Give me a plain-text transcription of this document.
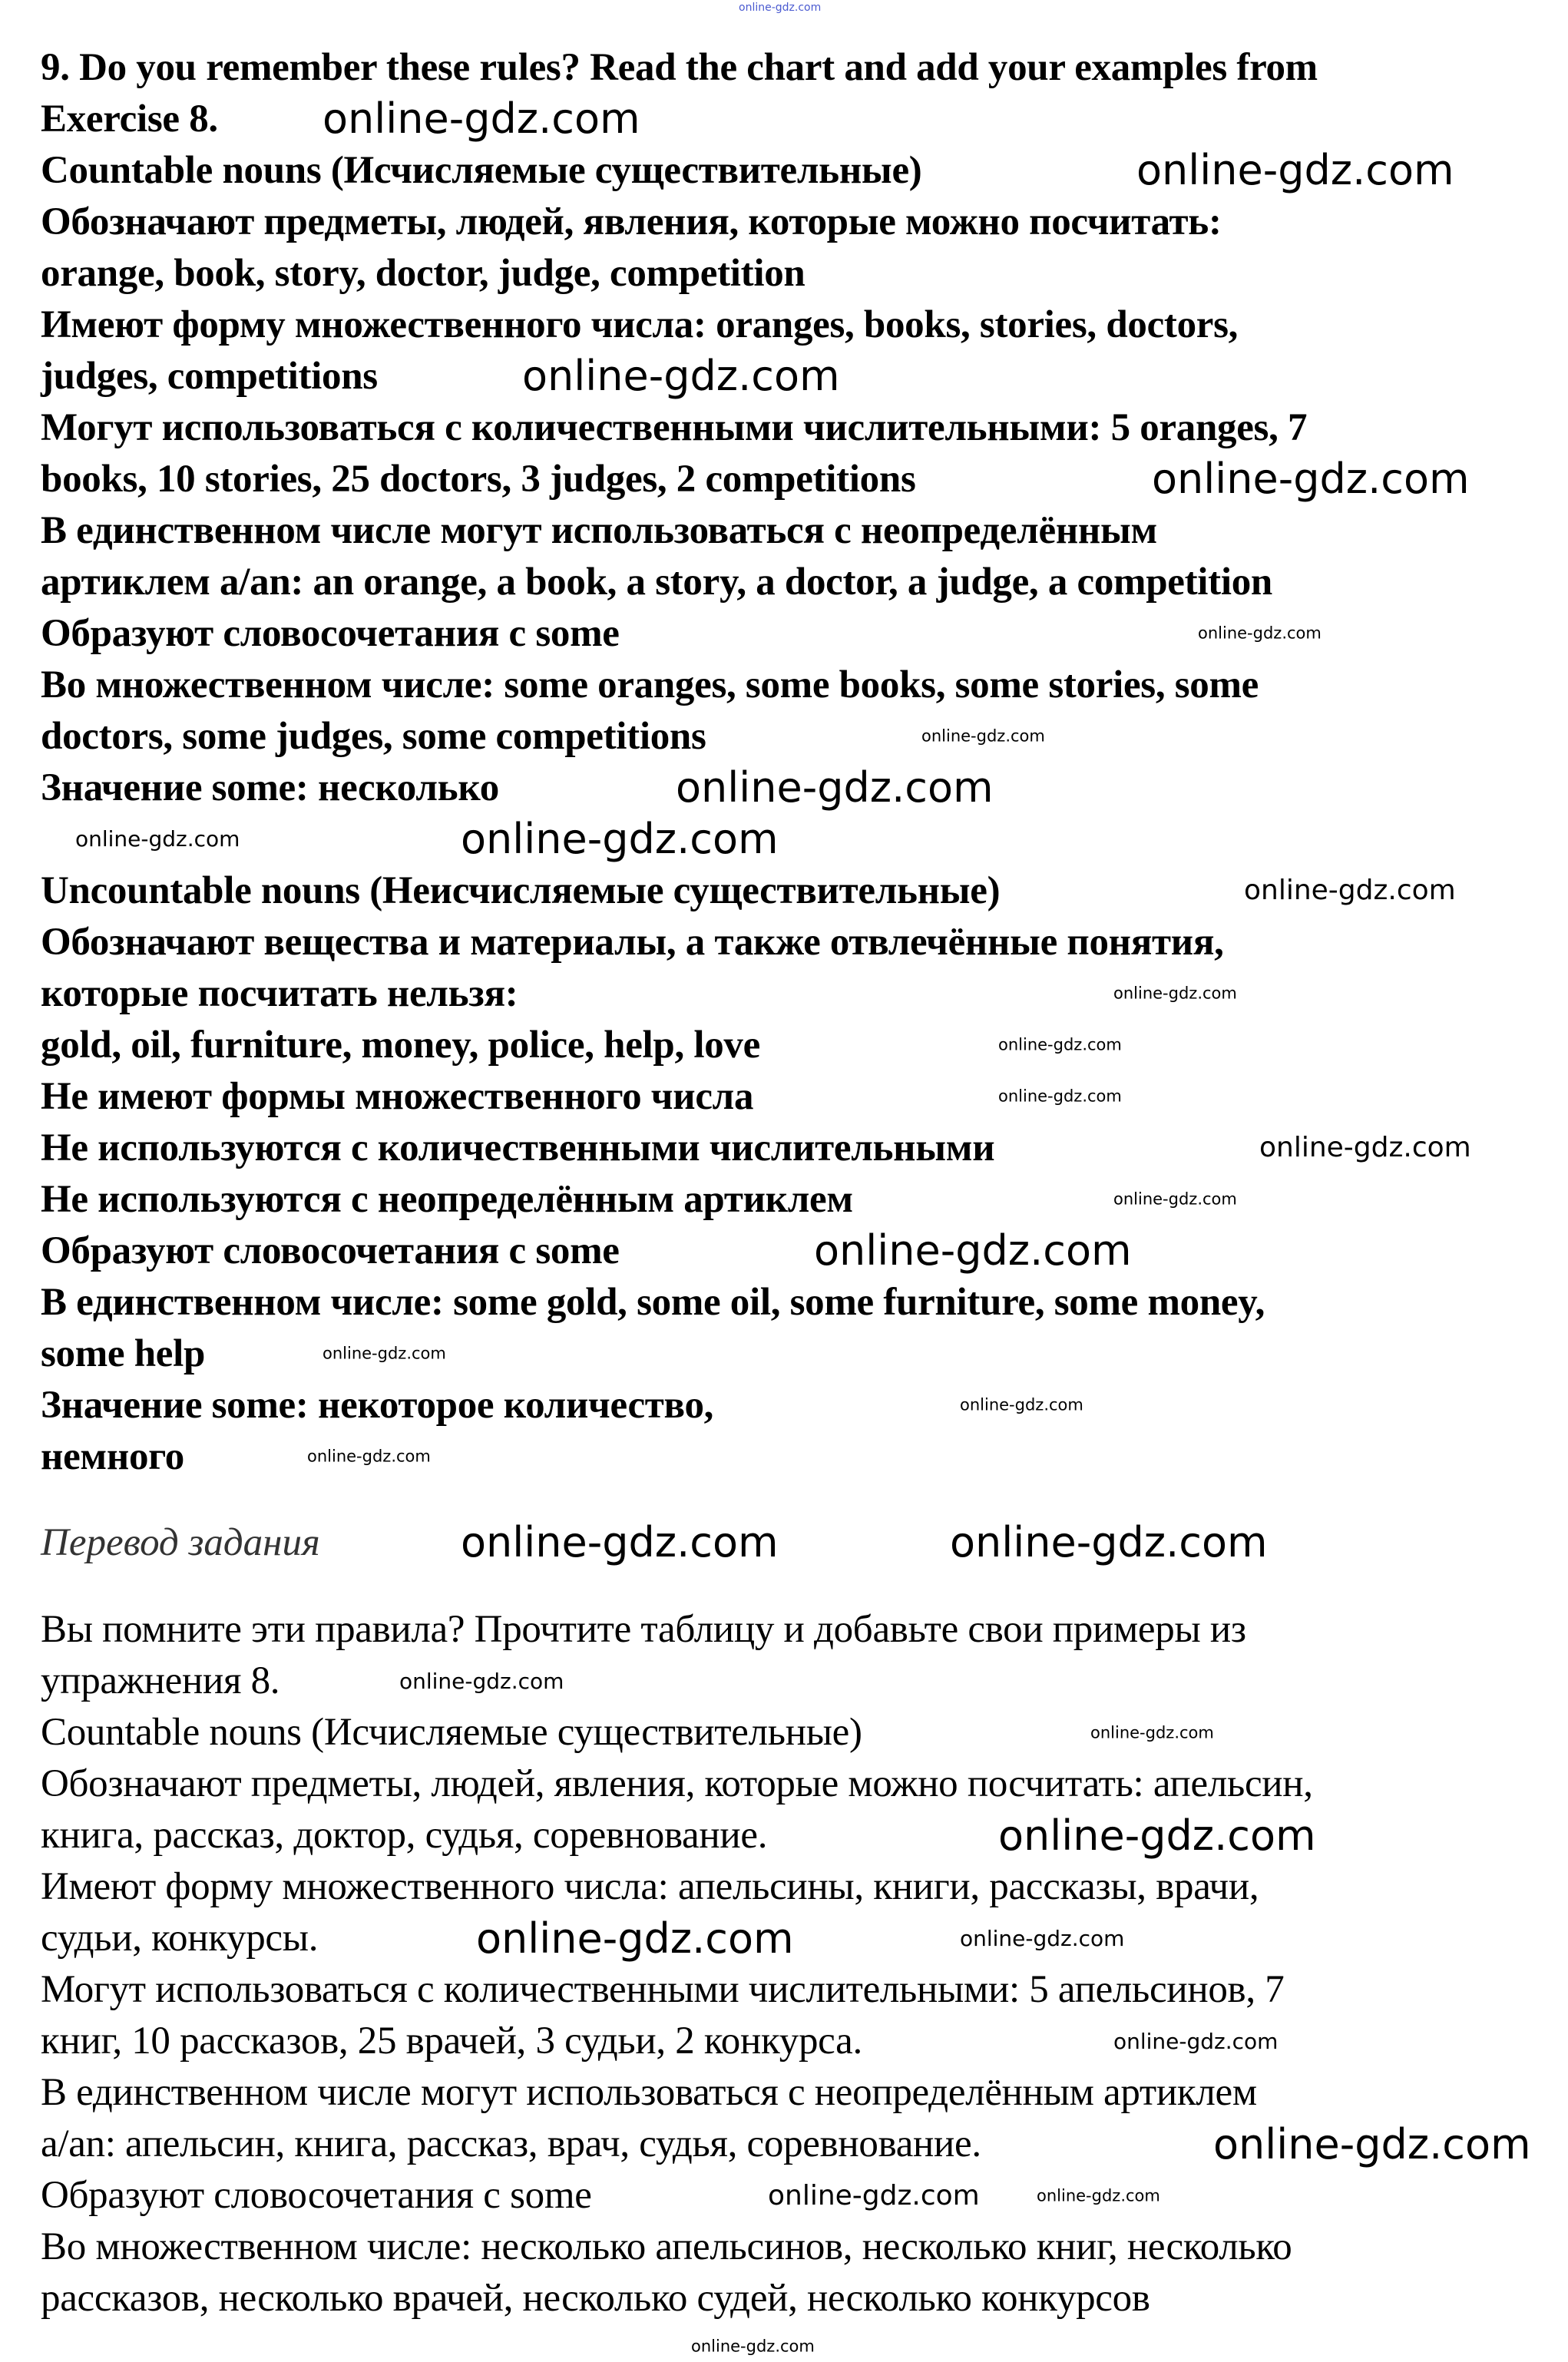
9. Do you remember these rules? Read the chart and add your examples from
Exercise 8.
Countable nouns (Исчисляемые существительные)
Обозначают предметы, людей, явления, которые можно посчитать:
orange, book, story, doctor, judge, competition
Имеют форму множественного числа: oranges, books, stories, doctors,
judges, competitions
Могут использоваться с количественными числительными: 5 oranges, 7
books, 10 stories, 25 doctors, 3 judges, 2 competitions
В единственном числе могут использоваться с неопределённым
артиклем a/an: an orange, a book, a story, a doctor, a judge, a competition
Образуют словосочетания с some
Во множественном числе: some oranges, some books, some stories, some
doctors, some judges, some competitions
Значение some: несколько
Uncountable nouns (Неисчисляемые существительные)
Обозначают вещества и материалы, а также отвлечённые понятия,
которые посчитать нельзя:
gold, oil, furniture, money, police, help, love
Не имеют формы множественного числа
Не используются с количественными числительными
Не используются с неопределённым артиклем
Образуют словосочетания с some
В единственном числе: some gold, some oil, some furniture, some money,
some help
Значение some: некоторое количество,
немного
Перевод задания
Вы помните эти правила? Прочтите таблицу и добавьте свои примеры из
упражнения 8.
Countable nouns (Исчисляемые существительные)
Обозначают предметы, людей, явления, которые можно посчитать: апельсин,
книга, рассказ, доктор, судья, соревнование.
Имеют форму множественного числа: апельсины, книги, рассказы, врачи,
судьи, конкурсы.
Могут использоваться с количественными числительными: 5 апельсинов, 7
книг, 10 рассказов, 25 врачей, 3 судьи, 2 конкурса.
В единственном числе могут использоваться с неопределённым артиклем
a/an: апельсин, книга, рассказ, врач, судья, соревнование.
Образуют словосочетания с some
Во множественном числе: несколько апельсинов, несколько книг, несколько
рассказов, несколько врачей, несколько судей, несколько конкурсов
online-gdz.com
online-gdz.com
online-gdz.com
online-gdz.com
online-gdz.com
online-gdz.com
online-gdz.com
online-gdz.com
online-gdz.com	online-gdz.com
online-gdz.com
online-gdz.com
online-gdz.com
online-gdz.com
online-gdz.com
online-gdz.com
online-gdz.com
online-gdz.com
online-gdz.com
online-gdz.com
online-gdz.com
online-gdz.com
online-gdz.com
online-gdz.com
online-gdz.com
online-gdz.com
online-gdz.com
online-gdz.com
online-gdz.com
online-gdz.com
online-gdz.com
online-gdz.com
